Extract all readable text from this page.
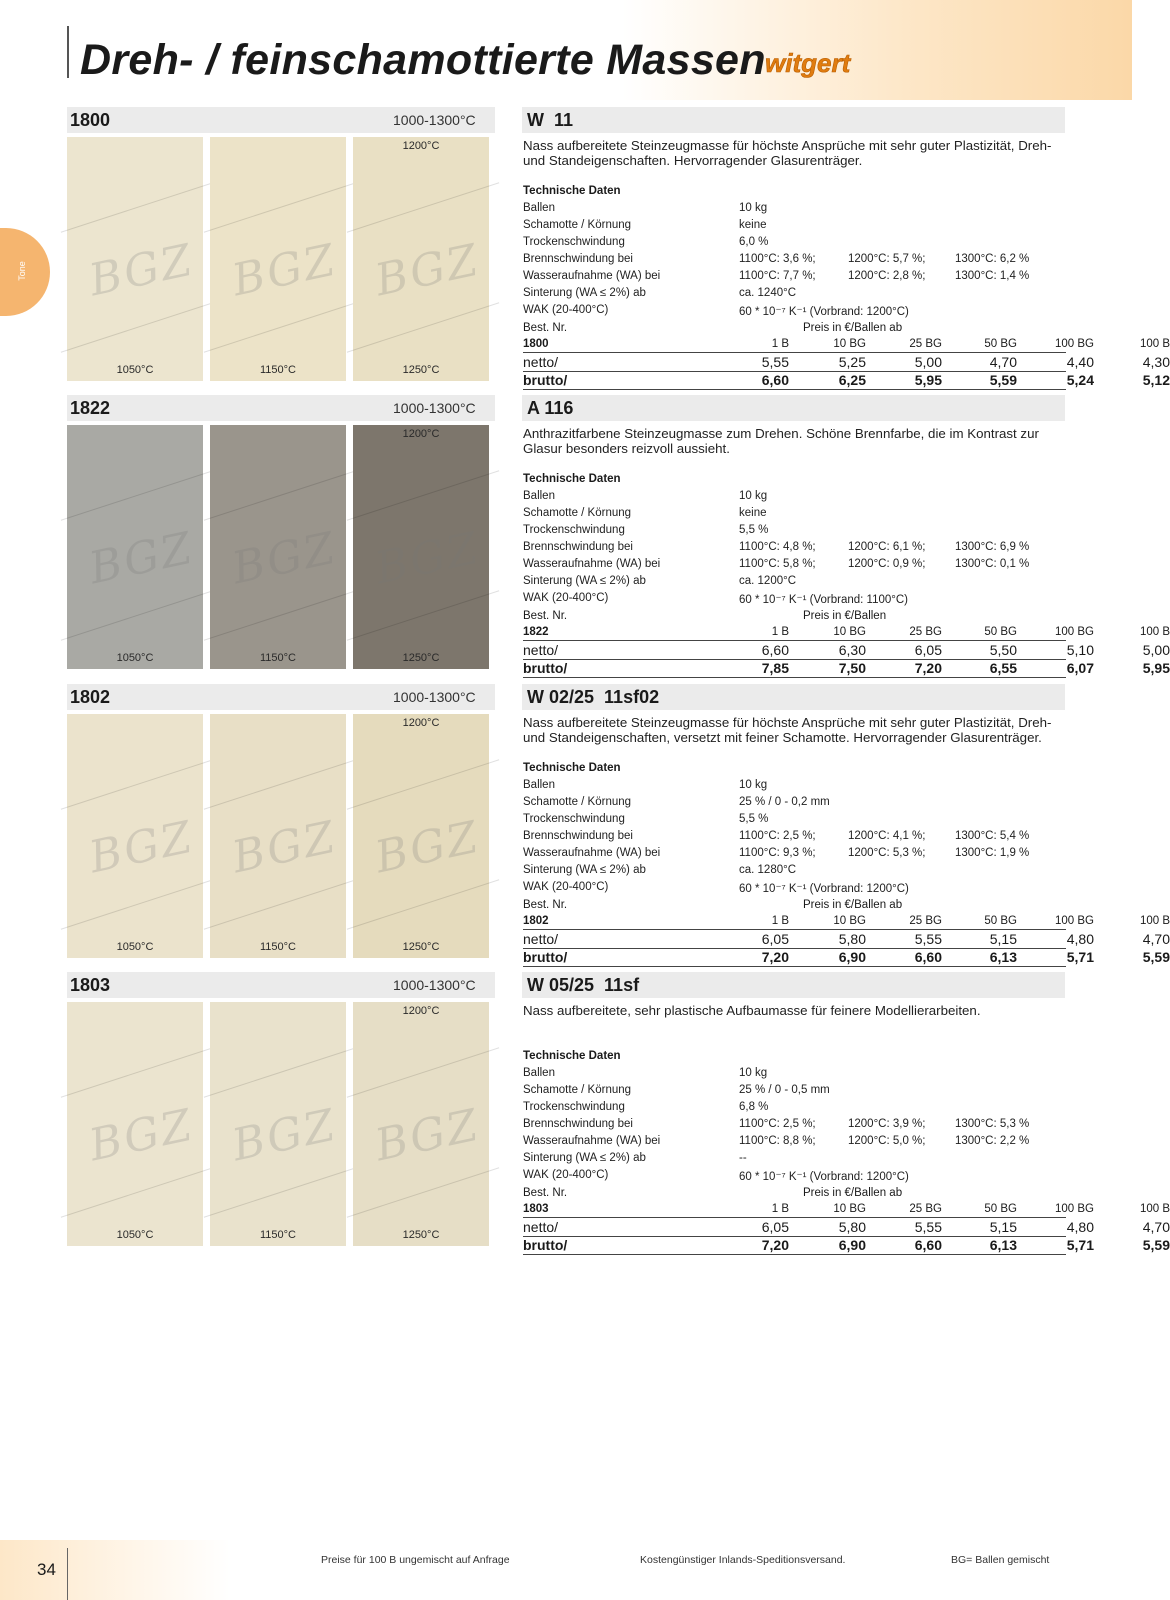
Dreh- / feinschamottierte Massen witgert
Tone
1800	1000-1300°C	W  11
BGZ
1050°C
BGZ
1150°C
BGZ
1200°C
1250°C
Nass aufbereitete Steinzeugmasse für höchste Ansprüche mit sehr guter Plastizität, Dreh- und Standeigenschaften. Hervorragender Glasurenträger.
Technische Daten
Ballen	10 kg
Schamotte / Körnung	keine
Trockenschwindung	6,0 %
Brennschwindung bei	1100°C: 3,6 %;	1200°C: 5,7 %;	1300°C: 6,2 %
Wasseraufnahme (WA) bei	1100°C: 7,7 %;	1200°C: 2,8 %;	1300°C: 1,4 %
Sinterung (WA ≤ 2%) ab	ca. 1240°C
WAK (20-400°C)	60 * 10⁻⁷ K⁻¹ (Vorbrand: 1200°C)
Best. Nr.	Preis in €/Ballen ab
1800	1 B	10 BG	25 BG	50 BG	100 BG	100 B
netto/	5,55	5,25	5,00	4,70	4,40	4,30
brutto/	6,60	6,25	5,95	5,59	5,24	5,12
1822	1000-1300°C	A 116
BGZ
1050°C
BGZ
1150°C
BGZ
1200°C
1250°C
Anthrazitfarbene Steinzeugmasse zum Drehen. Schöne Brennfarbe, die im Kontrast zur Glasur besonders reizvoll aussieht.
Technische Daten
Ballen	10 kg
Schamotte / Körnung	keine
Trockenschwindung	5,5 %
Brennschwindung bei	1100°C: 4,8 %;	1200°C: 6,1 %;	1300°C: 6,9 %
Wasseraufnahme (WA) bei	1100°C: 5,8 %;	1200°C: 0,9 %;	1300°C: 0,1 %
Sinterung (WA ≤ 2%) ab	ca. 1200°C
WAK (20-400°C)	60 * 10⁻⁷ K⁻¹ (Vorbrand: 1100°C)
Best. Nr.	Preis in €/Ballen
1822	1 B	10 BG	25 BG	50 BG	100 BG	100 B
netto/	6,60	6,30	6,05	5,50	5,10	5,00
brutto/	7,85	7,50	7,20	6,55	6,07	5,95
1802	1000-1300°C	W 02/25  11sf02
BGZ
1050°C
BGZ
1150°C
BGZ
1200°C
1250°C
Nass aufbereitete Steinzeugmasse für höchste Ansprüche mit sehr guter Plastizität, Dreh- und Standeigenschaften, versetzt mit feiner Schamotte. Hervorragender Glasurenträger.
Technische Daten
Ballen	10 kg
Schamotte / Körnung	25 % / 0 - 0,2 mm
Trockenschwindung	5,5 %
Brennschwindung bei	1100°C: 2,5 %;	1200°C: 4,1 %;	1300°C: 5,4 %
Wasseraufnahme (WA) bei	1100°C: 9,3 %;	1200°C: 5,3 %;	1300°C: 1,9 %
Sinterung (WA ≤ 2%) ab	ca. 1280°C
WAK (20-400°C)	60 * 10⁻⁷ K⁻¹ (Vorbrand: 1200°C)
Best. Nr.	Preis in €/Ballen ab
1802	1 B	10 BG	25 BG	50 BG	100 BG	100 B
netto/	6,05	5,80	5,55	5,15	4,80	4,70
brutto/	7,20	6,90	6,60	6,13	5,71	5,59
1803	1000-1300°C	W 05/25  11sf
BGZ
1050°C
BGZ
1150°C
BGZ
1200°C
1250°C
Nass aufbereitete, sehr plastische Aufbaumasse für feinere Modellierarbeiten.
Technische Daten
Ballen	10 kg
Schamotte / Körnung	25 % / 0 - 0,5 mm
Trockenschwindung	6,8 %
Brennschwindung bei	1100°C: 2,5 %;	1200°C: 3,9 %;	1300°C: 5,3 %
Wasseraufnahme (WA) bei	1100°C: 8,8 %;	1200°C: 5,0 %;	1300°C: 2,2 %
Sinterung (WA ≤ 2%) ab	--
WAK (20-400°C)	60 * 10⁻⁷ K⁻¹ (Vorbrand: 1200°C)
Best. Nr.	Preis in €/Ballen ab
1803	1 B	10 BG	25 BG	50 BG	100 BG	100 B
netto/	6,05	5,80	5,55	5,15	4,80	4,70
brutto/	7,20	6,90	6,60	6,13	5,71	5,59
34	Preise für 100 B ungemischt auf Anfrage	Kostengünstiger Inlands-Speditionsversand.	BG= Ballen gemischt
